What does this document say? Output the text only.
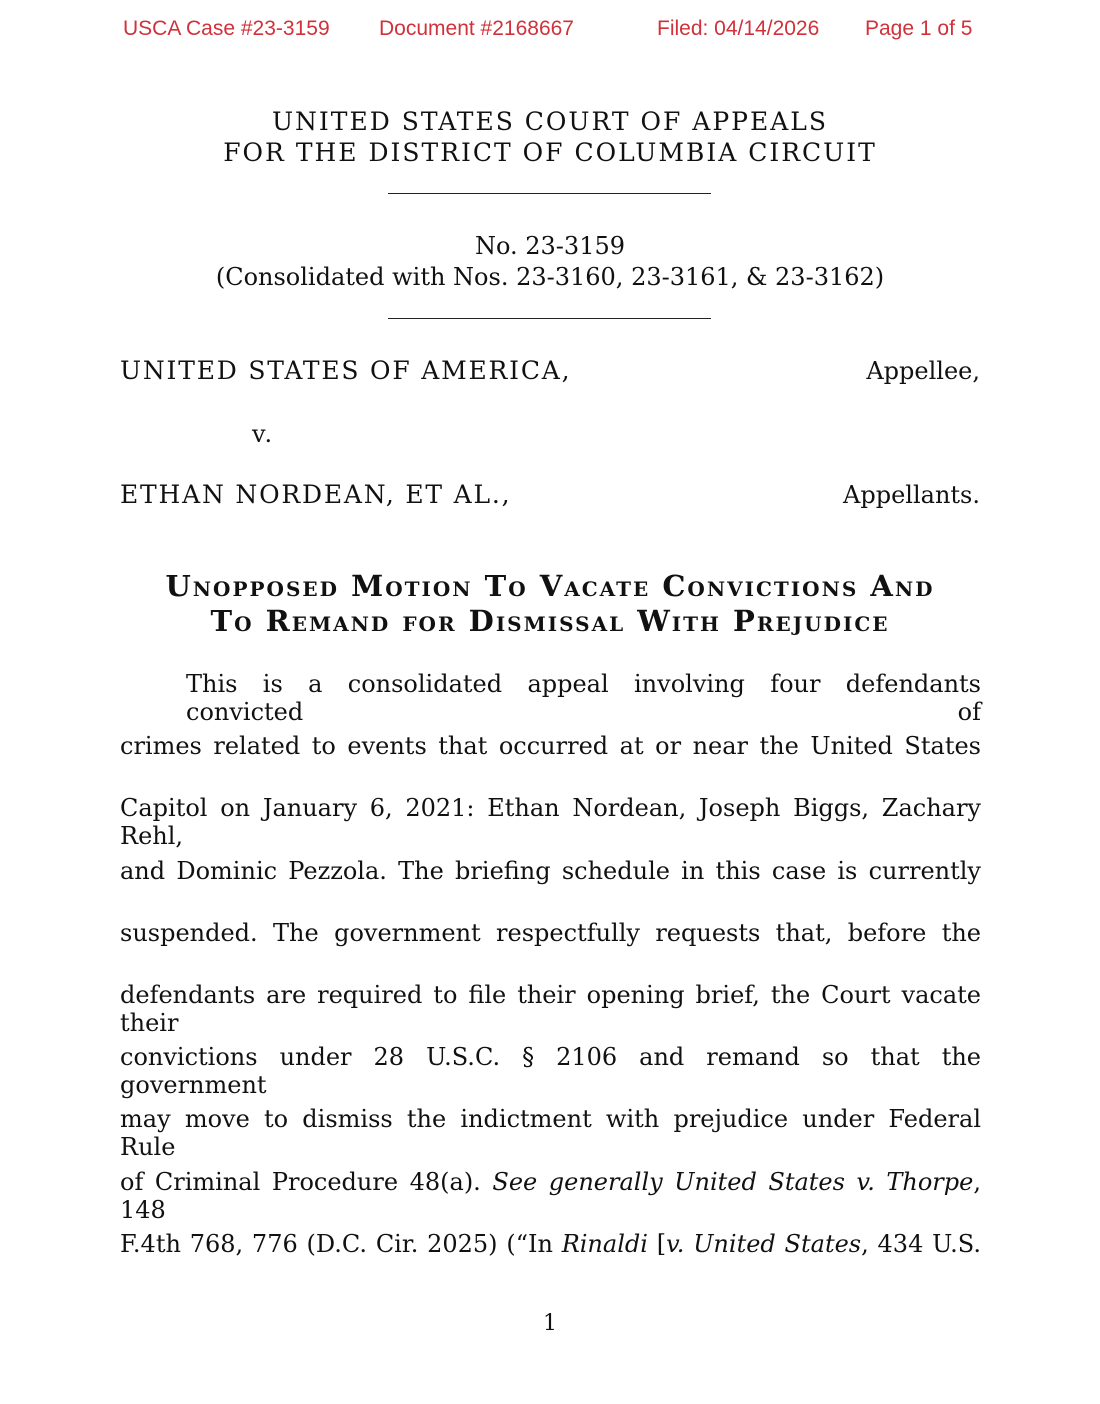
USCA Case #23-3159 Document #2168667	Filed: 04/14/2026 Page 1 of 5
UNITED STATES COURT OF APPEALS
FOR THE DISTRICT OF COLUMBIA CIRCUIT
No. 23-3159
(Consolidated with Nos. 23-3160, 23-3161, & 23-3162)
UNITED STATES OF AMERICA,	Appellee,
v.
ETHAN NORDEAN, ET AL.,	Appellants.
Unopposed Motion To Vacate Convictions And
To Remand for Dismissal With Prejudice
This is a consolidated appeal involving four defendants convicted of
crimes related to events that occurred at or near the United States
Capitol on January 6, 2021: Ethan Nordean, Joseph Biggs, Zachary Rehl,
and Dominic Pezzola. The briefing schedule in this case is currently
suspended. The government respectfully requests that, before the
defendants are required to file their opening brief, the Court vacate their
convictions under 28 U.S.C. § 2106 and remand so that the government
may move to dismiss the indictment with prejudice under Federal Rule
of Criminal Procedure 48(a). See generally United States v. Thorpe, 148
F.4th 768, 776 (D.C. Cir. 2025) (“In Rinaldi [v. United States, 434 U.S.
1
